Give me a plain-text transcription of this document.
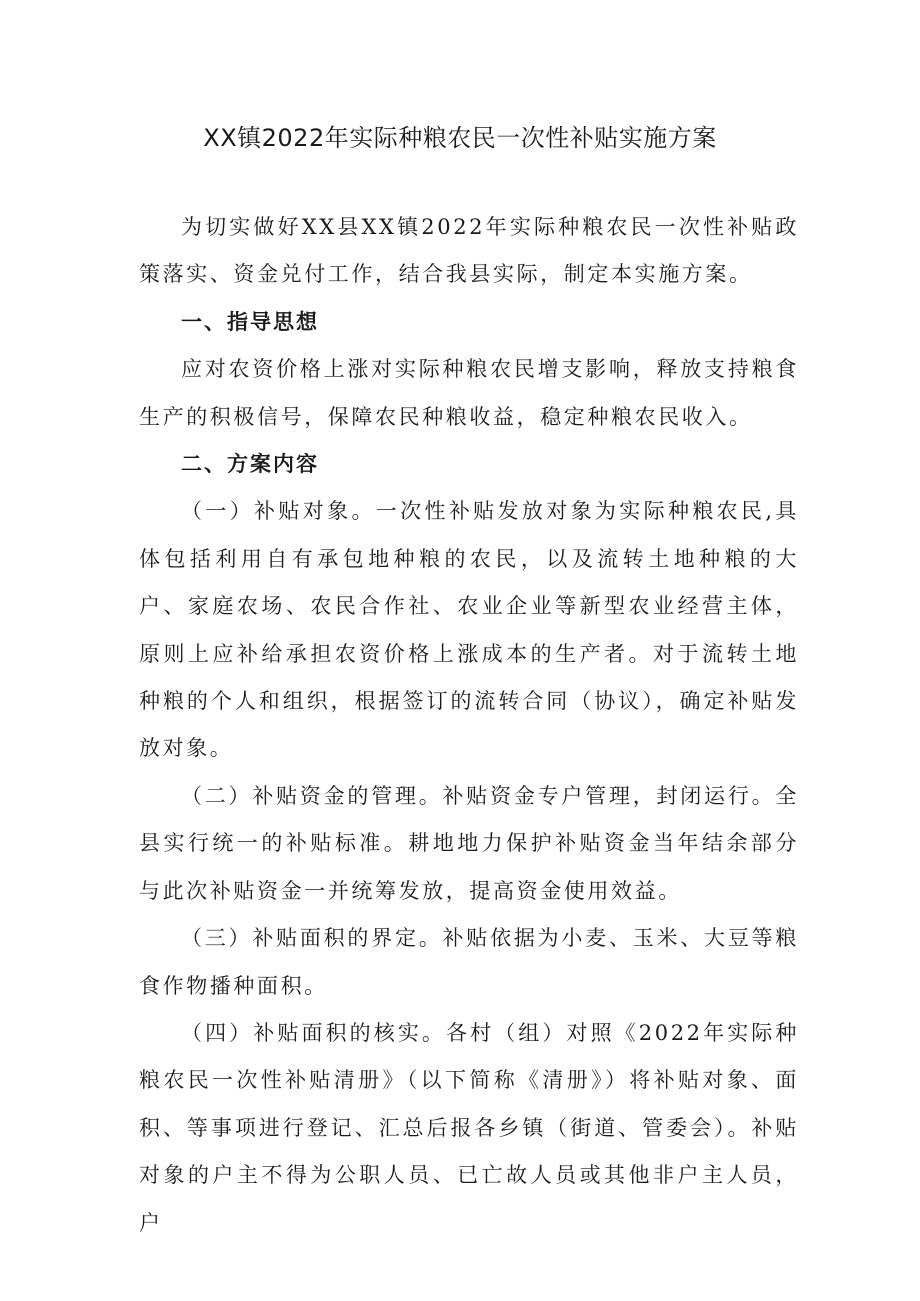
XX镇2022年实际种粮农民一次性补贴实施方案

为切实做好XX县XX镇2022年实际种粮农民一次性补贴政策落实、资金兑付工作，结合我县实际，制定本实施方案。

一、指导思想

应对农资价格上涨对实际种粮农民增支影响，释放支持粮食生产的积极信号，保障农民种粮收益，稳定种粮农民收入。

二、方案内容

（一）补贴对象。一次性补贴发放对象为实际种粮农民,具体包括利用自有承包地种粮的农民，以及流转土地种粮的大户、家庭农场、农民合作社、农业企业等新型农业经营主体，原则上应补给承担农资价格上涨成本的生产者。对于流转土地种粮的个人和组织，根据签订的流转合同（协议），确定补贴发放对象。

（二）补贴资金的管理。补贴资金专户管理，封闭运行。全县实行统一的补贴标准。耕地地力保护补贴资金当年结余部分与此次补贴资金一并统筹发放，提高资金使用效益。

（三）补贴面积的界定。补贴依据为小麦、玉米、大豆等粮食作物播种面积。

（四）补贴面积的核实。各村（组）对照《2022年实际种粮农民一次性补贴清册》（以下简称《清册》）将补贴对象、面积、等事项进行登记、汇总后报各乡镇（街道、管委会）。补贴对象的户主不得为公职人员、已亡故人员或其他非户主人员，户
